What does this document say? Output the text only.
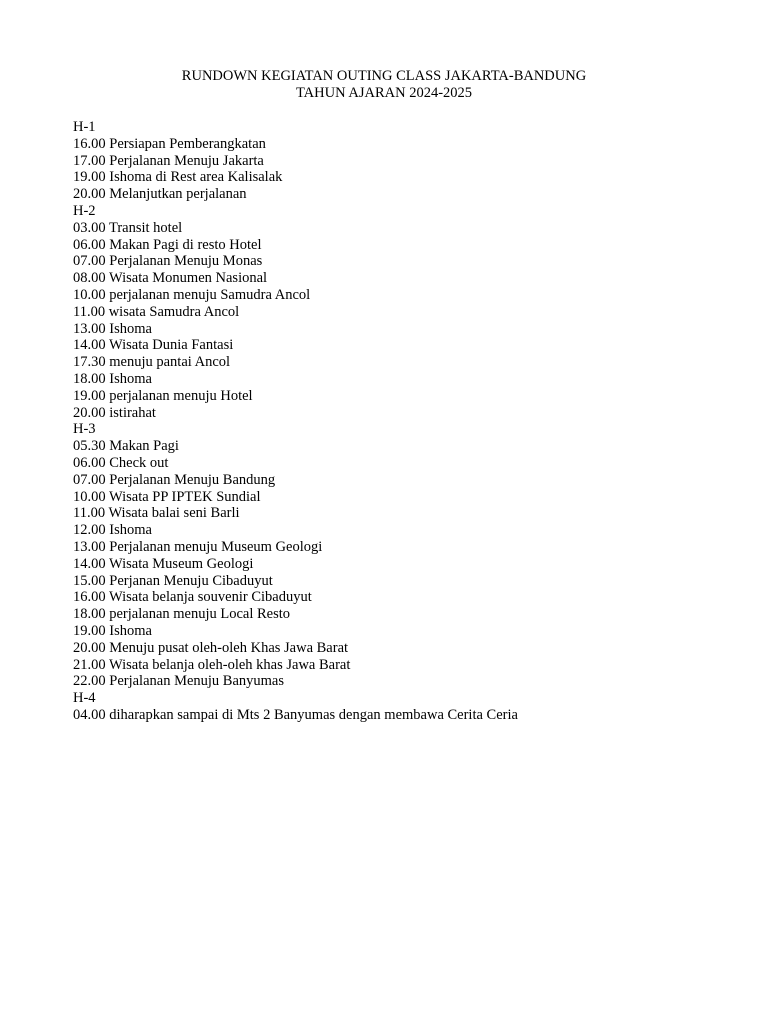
RUNDOWN KEGIATAN OUTING CLASS JAKARTA-BANDUNG
TAHUN AJARAN 2024-2025
H-1
16.00 Persiapan Pemberangkatan
17.00 Perjalanan Menuju Jakarta
19.00 Ishoma di Rest area Kalisalak
20.00 Melanjutkan perjalanan
H-2
03.00 Transit hotel
06.00 Makan Pagi di resto Hotel
07.00 Perjalanan Menuju Monas
08.00 Wisata Monumen Nasional
10.00 perjalanan menuju Samudra Ancol
11.00 wisata Samudra Ancol
13.00 Ishoma
14.00 Wisata Dunia Fantasi
17.30 menuju pantai Ancol
18.00 Ishoma
19.00 perjalanan menuju Hotel
20.00 istirahat
H-3
05.30 Makan Pagi
06.00 Check out
07.00 Perjalanan Menuju Bandung
10.00 Wisata PP IPTEK Sundial
11.00 Wisata balai seni Barli
12.00 Ishoma
13.00 Perjalanan menuju Museum Geologi
14.00 Wisata Museum Geologi
15.00 Perjanan Menuju Cibaduyut
16.00 Wisata belanja souvenir Cibaduyut
18.00 perjalanan menuju Local Resto
19.00 Ishoma
20.00 Menuju pusat oleh-oleh Khas Jawa Barat
21.00 Wisata belanja oleh-oleh khas Jawa Barat
22.00 Perjalanan Menuju Banyumas
H-4
04.00 diharapkan sampai di Mts 2 Banyumas dengan membawa Cerita Ceria
